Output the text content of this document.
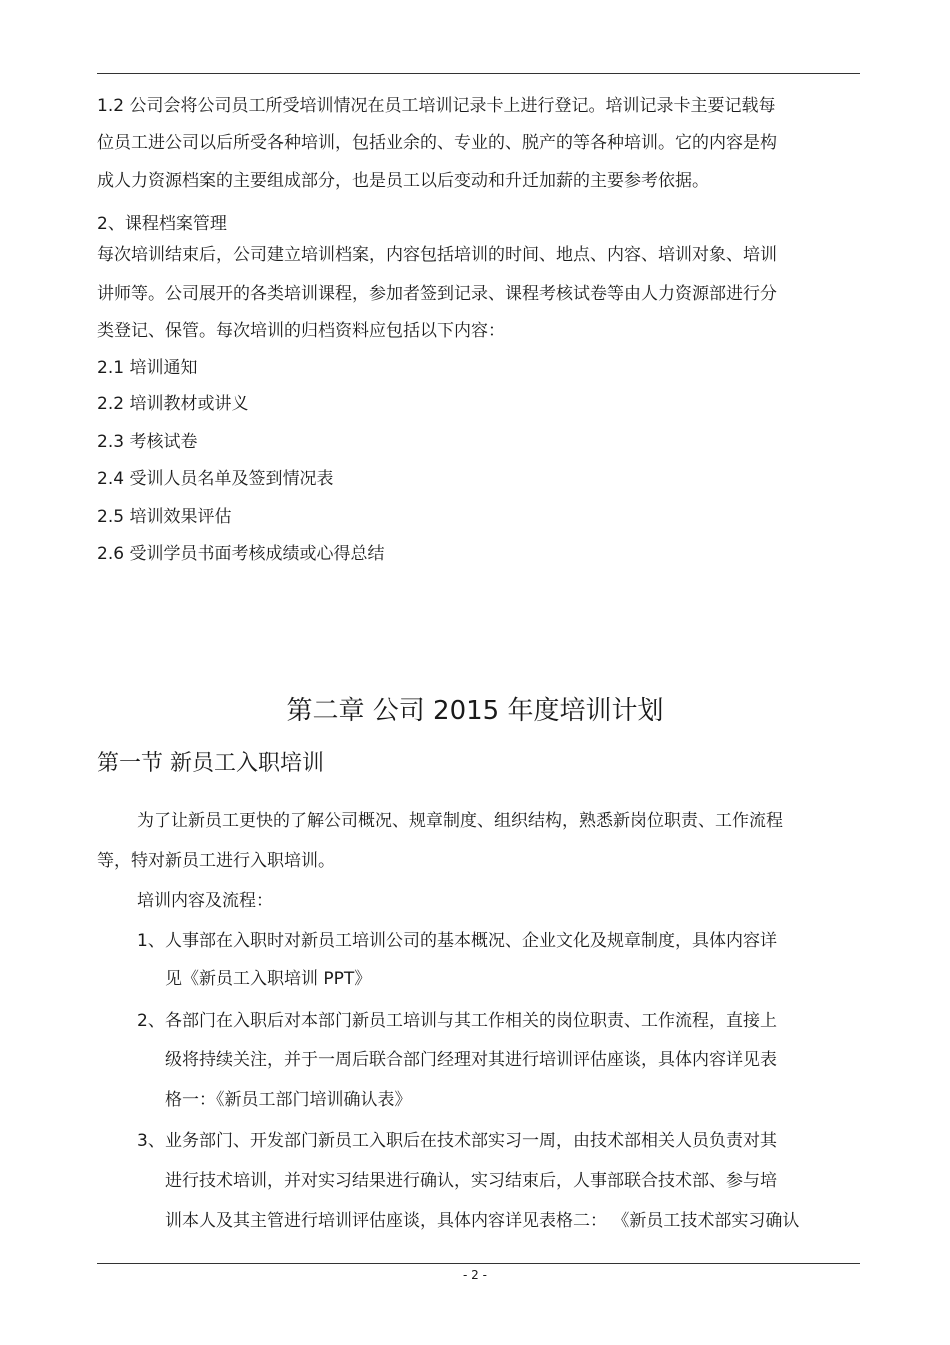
1.2 公司会将公司员工所受培训情况在员工培训记录卡上进行登记。培训记录卡主要记载每
位员工进公司以后所受各种培训，包括业余的、专业的、脱产的等各种培训。它的内容是构
成人力资源档案的主要组成部分，也是员工以后变动和升迁加薪的主要参考依据。
2、课程档案管理
每次培训结束后，公司建立培训档案，内容包括培训的时间、地点、内容、培训对象、培训
讲师等。公司展开的各类培训课程，参加者签到记录、课程考核试卷等由人力资源部进行分
类登记、保管。每次培训的归档资料应包括以下内容：
2.1 培训通知
2.2 培训教材或讲义
2.3 考核试卷
2.4 受训人员名单及签到情况表
2.5 培训效果评估
2.6 受训学员书面考核成绩或心得总结
第二章 公司 2015 年度培训计划
第一节 新员工入职培训
为了让新员工更快的了解公司概况、规章制度、组织结构，熟悉新岗位职责、工作流程
等，特对新员工进行入职培训。
培训内容及流程：
1、 人事部在入职时对新员工培训公司的基本概况、企业文化及规章制度，具体内容详
见《新员工入职培训 PPT》
2、 各部门在入职后对本部门新员工培训与其工作相关的岗位职责、工作流程，直接上
级将持续关注，并于一周后联合部门经理对其进行培训评估座谈，具体内容详见表
格一：《新员工部门培训确认表》
3、 业务部门、开发部门新员工入职后在技术部实习一周，由技术部相关人员负责对其
进行技术培训，并对实习结果进行确认，实习结束后，人事部联合技术部、参与培
训本人及其主管进行培训评估座谈，具体内容详见表格二： 《新员工技术部实习确认
- 2 -
